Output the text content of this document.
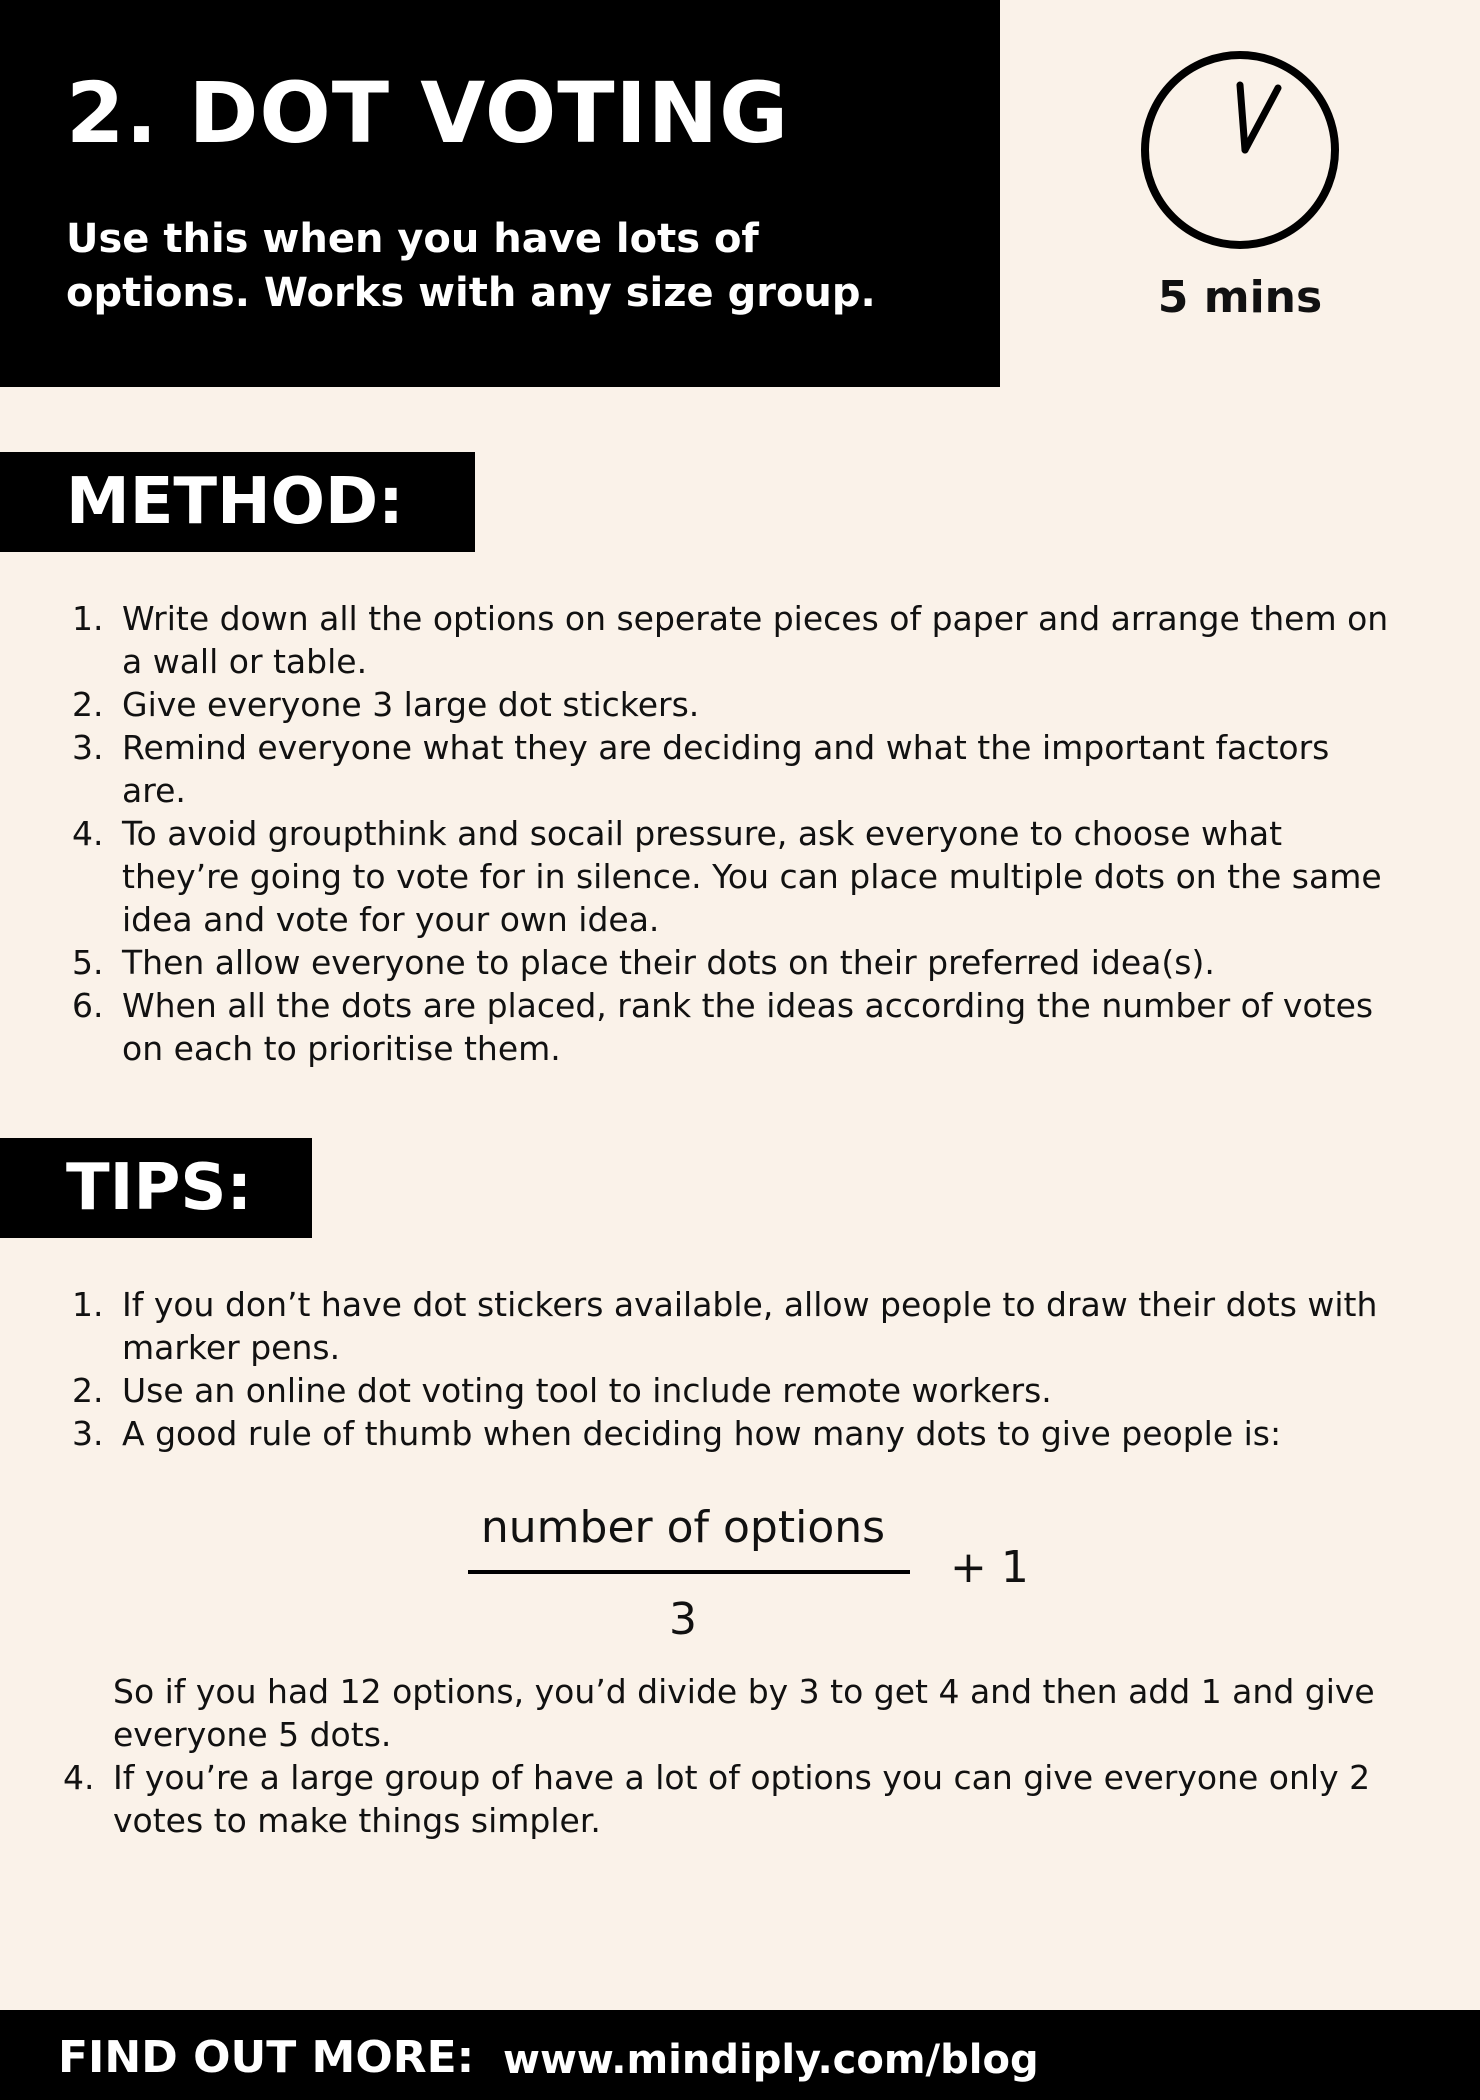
2. DOT VOTING

Use this when you have lots of
options. Works with any size group.	5 mins
METHOD:
1. Write down all the options on seperate pieces of paper and arrange them on a wall or table.
2. Give everyone 3 large dot stickers.
3. Remind everyone what they are deciding and what the important factors are.
4. To avoid groupthink and socail pressure, ask everyone to choose what they’re going to vote for in silence. You can place multiple dots on the same idea and vote for your own idea.
5. Then allow everyone to place their dots on their preferred idea(s).
6. When all the dots are placed, rank the ideas according the number of votes on each to prioritise them.
TIPS:
1. If you don’t have dot stickers available, allow people to draw their dots with marker pens.
2. Use an online dot voting tool to include remote workers.
3. A good rule of thumb when deciding how many dots to give people is:
number of options
3
+ 1

So if you had 12 options, you’d divide by 3 to get 4 and then add 1 and give everyone 5 dots.

4. If you’re a large group of have a lot of options you can give everyone only 2 votes to make things simpler.
FIND OUT MORE: www.mindiply.com/blog
